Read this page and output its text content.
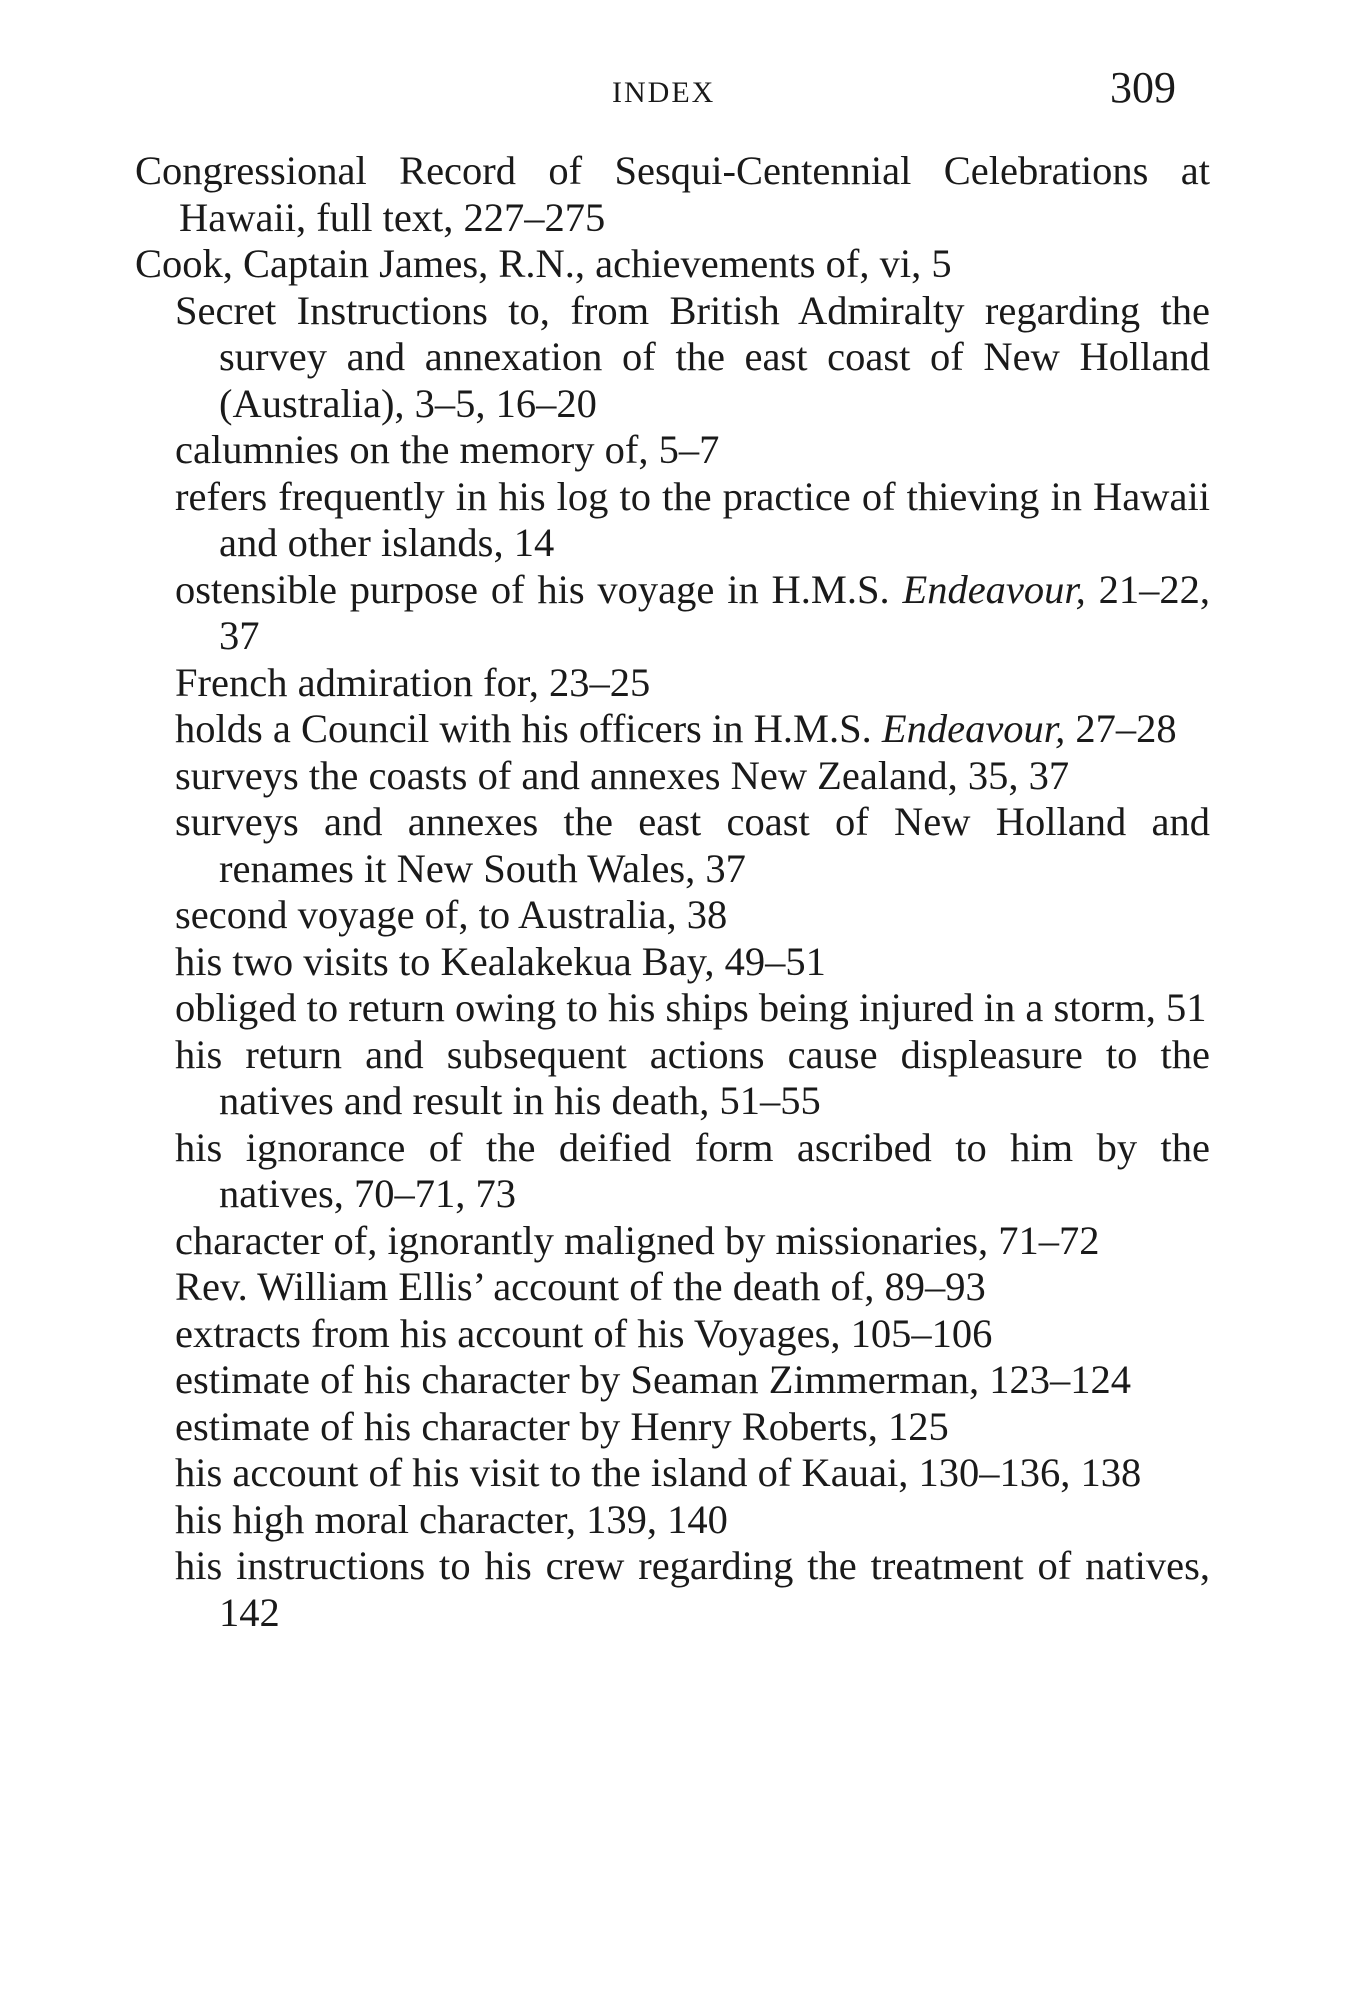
INDEX	309
Congressional Record of Sesqui-Centennial Celebrations at Hawaii, full text, 227–275
Cook, Captain James, R.N., achievements of, vi, 5
Secret Instructions to, from British Admiralty regarding the survey and annexation of the east coast of New Holland (Australia), 3–5, 16–20
calumnies on the memory of, 5–7
refers frequently in his log to the practice of thieving in Hawaii and other islands, 14
ostensible purpose of his voyage in H.M.S. Endeavour, 21–22, 37
French admiration for, 23–25
holds a Council with his officers in H.M.S. Endeavour, 27–28
surveys the coasts of and annexes New Zealand, 35, 37
surveys and annexes the east coast of New Holland and renames it New South Wales, 37
second voyage of, to Australia, 38
his two visits to Kealakekua Bay, 49–51
obliged to return owing to his ships being injured in a storm, 51
his return and subsequent actions cause displeasure to the natives and result in his death, 51–55
his ignorance of the deified form ascribed to him by the natives, 70–71, 73
character of, ignorantly maligned by missionaries, 71–72
Rev. William Ellis’ account of the death of, 89–93
extracts from his account of his Voyages, 105–106
estimate of his character by Seaman Zimmerman, 123–124
estimate of his character by Henry Roberts, 125
his account of his visit to the island of Kauai, 130–136, 138
his high moral character, 139, 140
his instructions to his crew regarding the treatment of natives, 142
